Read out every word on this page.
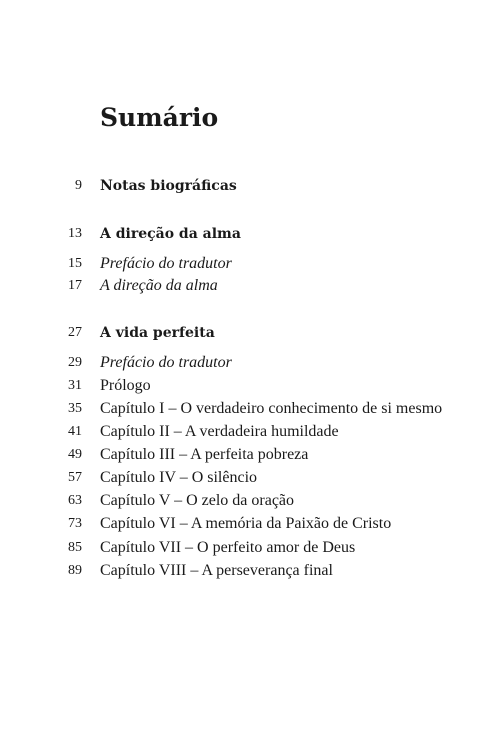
Sumário
9 Notas biográficas
13 A direção da alma
15 Prefácio do tradutor
17 A direção da alma
27 A vida perfeita
29 Prefácio do tradutor
31 Prólogo
35 Capítulo I – O verdadeiro conhecimento de si mesmo
41 Capítulo II – A verdadeira humildade
49 Capítulo III – A perfeita pobreza
57 Capítulo IV – O silêncio
63 Capítulo V – O zelo da oração
73 Capítulo VI – A memória da Paixão de Cristo
85 Capítulo VII – O perfeito amor de Deus
89 Capítulo VIII – A perseverança final
